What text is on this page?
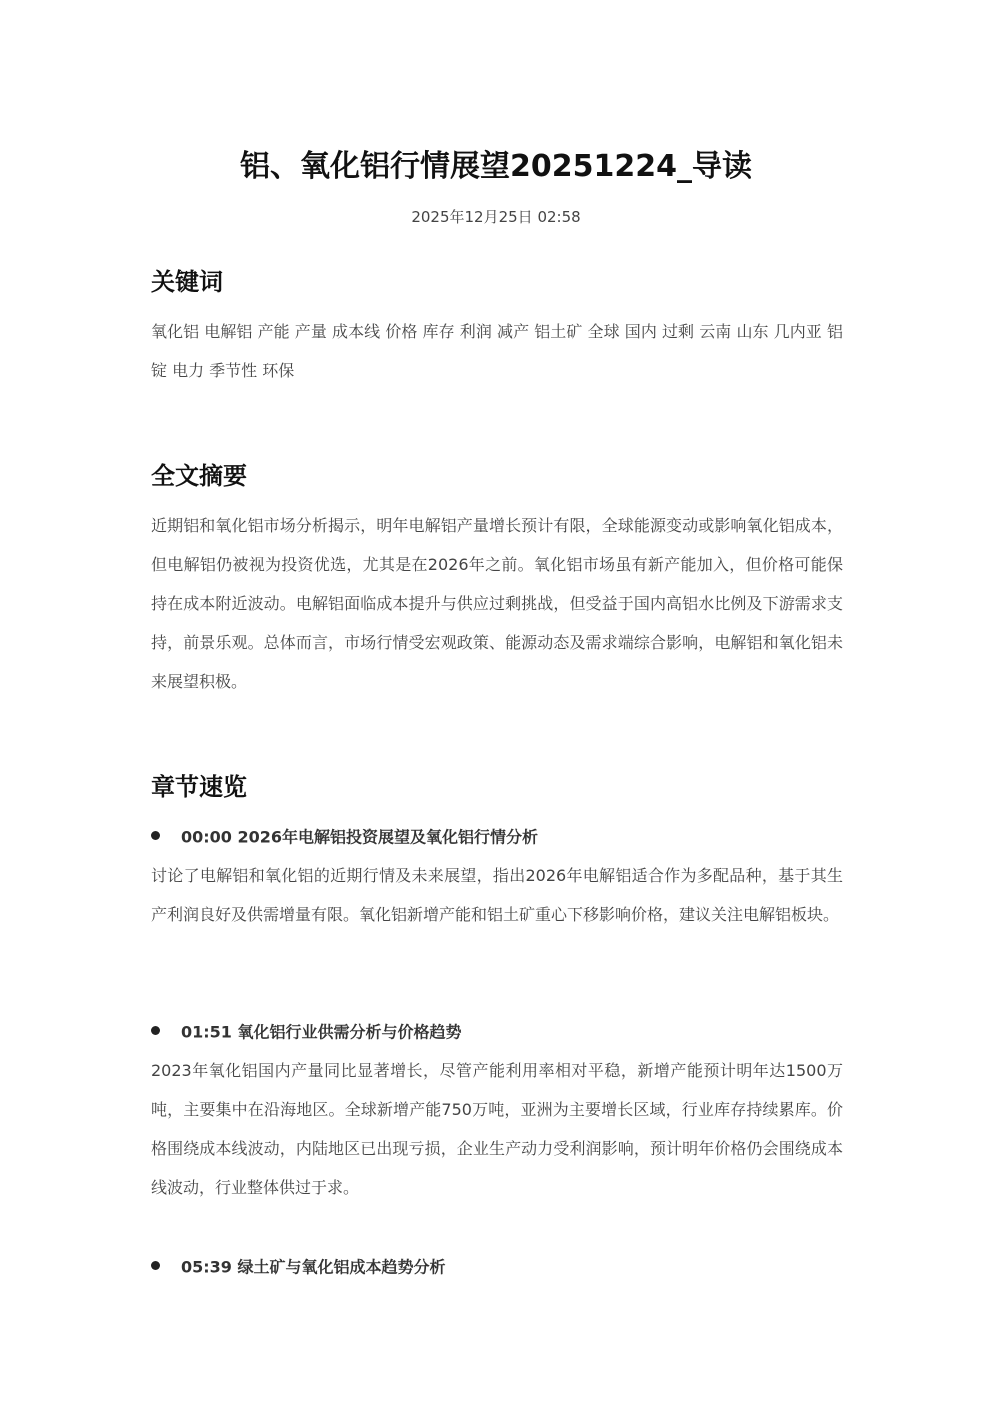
铝、氧化铝行情展望20251224_导读
2025年12月25日 02:58
关键词

氧化铝 电解铝 产能 产量 成本线 价格 库存 利润 减产 铝土矿 全球 国内 过剩 云南 山东 几内亚 铝锭 电力 季节性 环保

全文摘要

近期铝和氧化铝市场分析揭示，明年电解铝产量增长预计有限，全球能源变动或影响氧化铝成本，但电解铝仍被视为投资优选，尤其是在2026年之前。氧化铝市场虽有新产能加入，但价格可能保持在成本附近波动。电解铝面临成本提升与供应过剩挑战，但受益于国内高铝水比例及下游需求支持，前景乐观。总体而言，市场行情受宏观政策、能源动态及需求端综合影响，电解铝和氧化铝未来展望积极。

章节速览
00:00 2026年电解铝投资展望及氧化铝行情分析

讨论了电解铝和氧化铝的近期行情及未来展望，指出2026年电解铝适合作为多配品种，基于其生产利润良好及供需增量有限。氧化铝新增产能和铝土矿重心下移影响价格，建议关注电解铝板块。

01:51 氧化铝行业供需分析与价格趋势

2023年氧化铝国内产量同比显著增长，尽管产能利用率相对平稳，新增产能预计明年达1500万吨，主要集中在沿海地区。全球新增产能750万吨，亚洲为主要增长区域，行业库存持续累库。价格围绕成本线波动，内陆地区已出现亏损，企业生产动力受利润影响，预计明年价格仍会围绕成本线波动，行业整体供过于求。

05:39 绿土矿与氧化铝成本趋势分析
